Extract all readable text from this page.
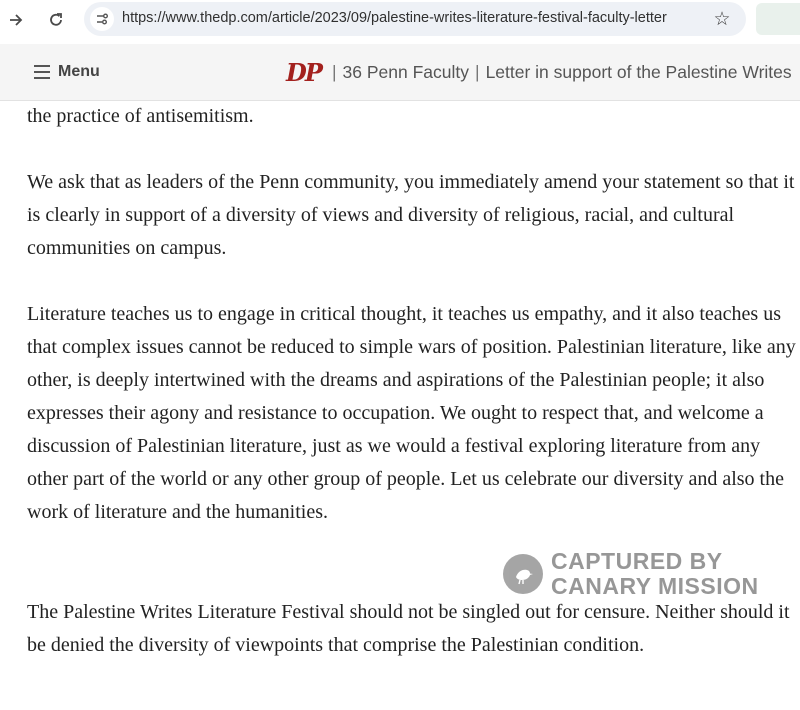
https://www.thedp.com/article/2023/09/palestine-writes-literature-festival-faculty-letter	☆
Menu	DP | 36 Penn Faculty | Letter in support of the Palestine Writes

the practice of antisemitism.

We ask that as leaders of the Penn community, you immediately amend your statement so that it is clearly in support of a diversity of views and diversity of religious, racial, and cultural communities on campus.

Literature teaches us to engage in critical thought, it teaches us empathy, and it also teaches us that complex issues cannot be reduced to simple wars of position. Palestinian literature, like any other, is deeply intertwined with the dreams and aspirations of the Palestinian people; it also expresses their agony and resistance to occupation. We ought to respect that, and welcome a discussion of Palestinian literature, just as we would a festival exploring literature from any other part of the world or any other group of people. Let us celebrate our diversity and also the work of literature and the humanities.

The Palestine Writes Literature Festival should not be singled out for censure. Neither should it be denied the diversity of viewpoints that comprise the Palestinian condition.

CAPTURED BY
CANARY MISSION
